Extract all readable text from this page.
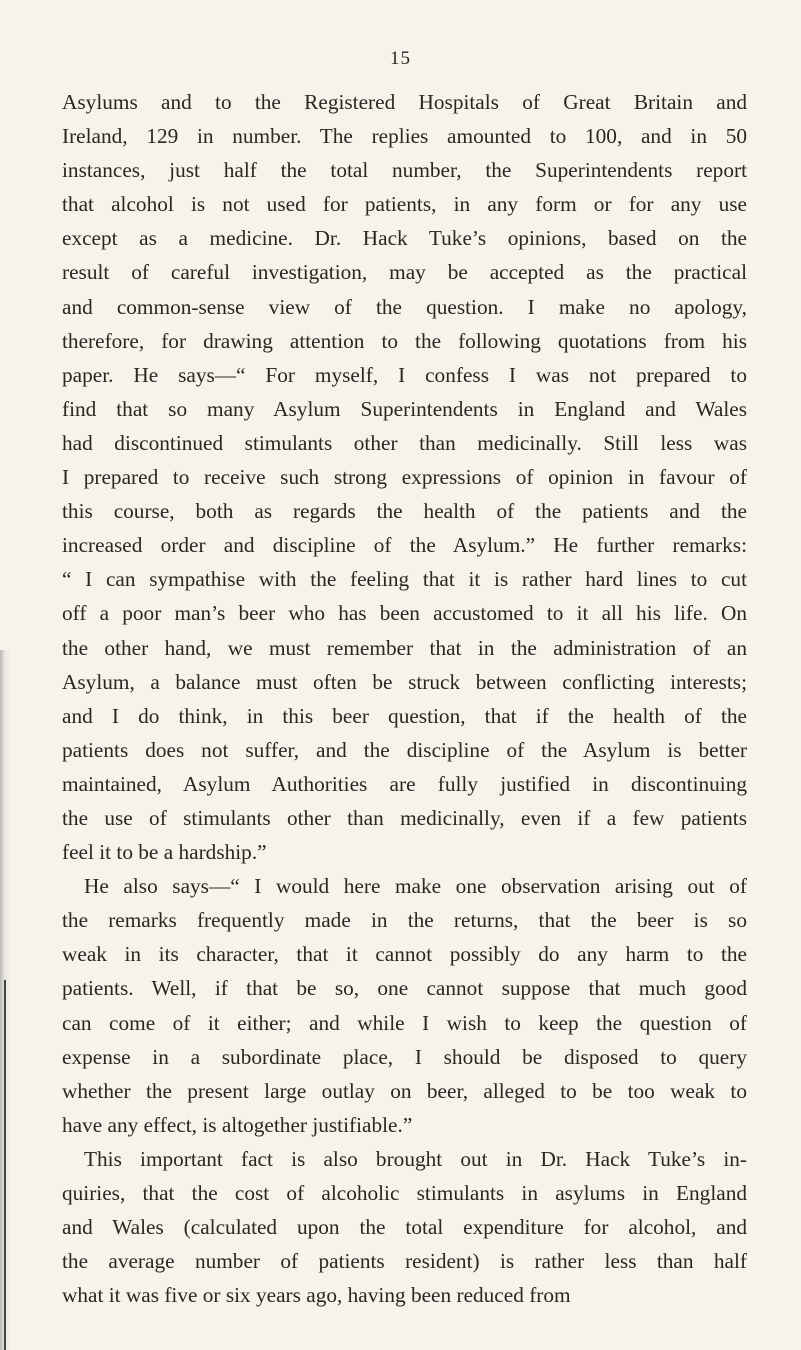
15
Asylums and to the Registered Hospitals of Great Britain and
Ireland, 129 in number. The replies amounted to 100, and in 50
instances, just half the total number, the Superintendents report
that alcohol is not used for patients, in any form or for any use
except as a medicine. Dr. Hack Tuke’s opinions, based on the
result of careful investigation, may be accepted as the practical
and common-sense view of the question. I make no apology,
therefore, for drawing attention to the following quotations from his
paper. He says—“ For myself, I confess I was not prepared to
find that so many Asylum Superintendents in England and Wales
had discontinued stimulants other than medicinally. Still less was
I prepared to receive such strong expressions of opinion in favour of
this course, both as regards the health of the patients and the
increased order and discipline of the Asylum.” He further remarks:
“ I can sympathise with the feeling that it is rather hard lines to cut
off a poor man’s beer who has been accustomed to it all his life. On
the other hand, we must remember that in the administration of an
Asylum, a balance must often be struck between conflicting interests;
and I do think, in this beer question, that if the health of the
patients does not suffer, and the discipline of the Asylum is better
maintained, Asylum Authorities are fully justified in discontinuing
the use of stimulants other than medicinally, even if a few patients
feel it to be a hardship.”
He also says—“ I would here make one observation arising out of
the remarks frequently made in the returns, that the beer is so
weak in its character, that it cannot possibly do any harm to the
patients. Well, if that be so, one cannot suppose that much good
can come of it either; and while I wish to keep the question of
expense in a subordinate place, I should be disposed to query
whether the present large outlay on beer, alleged to be too weak to
have any effect, is altogether justifiable.”
This important fact is also brought out in Dr. Hack Tuke’s in-
quiries, that the cost of alcoholic stimulants in asylums in England
and Wales (calculated upon the total expenditure for alcohol, and
the average number of patients resident) is rather less than half
what it was five or six years ago, having been reduced from
